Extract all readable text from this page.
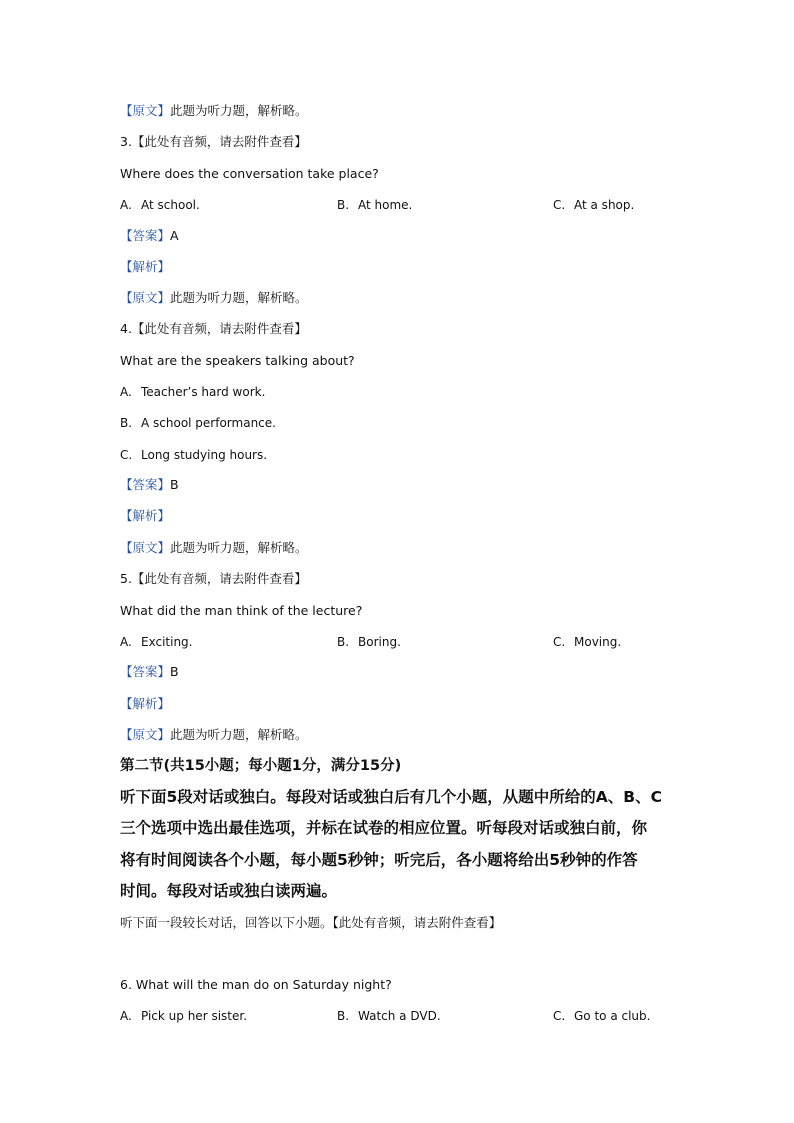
【原文】此题为听力题，解析略。
3.【此处有音频，请去附件查看】
Where does the conversation take place?
A. At school.	B. At home.	C. At a shop.
【答案】A
【解析】
【原文】此题为听力题，解析略。
4.【此处有音频，请去附件查看】
What are the speakers talking about?
A. Teacher’s hard work.
B. A school performance.
C. Long studying hours.
【答案】B
【解析】
【原文】此题为听力题，解析略。
5.【此处有音频，请去附件查看】
What did the man think of the lecture?
A. Exciting.	B. Boring.	C. Moving.
【答案】B
【解析】
【原文】此题为听力题，解析略。
第二节(共15小题；每小题1分，满分15分)
听下面5段对话或独白。每段对话或独白后有几个小题，从题中所给的A、B、C
三个选项中选出最佳选项，并标在试卷的相应位置。听每段对话或独白前，你
将有时间阅读各个小题，每小题5秒钟；听完后，各小题将给出5秒钟的作答
时间。每段对话或独白读两遍。
听下面一段较长对话，回答以下小题。【此处有音频，请去附件查看】
6. What will the man do on Saturday night?
A. Pick up her sister.	B. Watch a DVD.	C. Go to a club.
